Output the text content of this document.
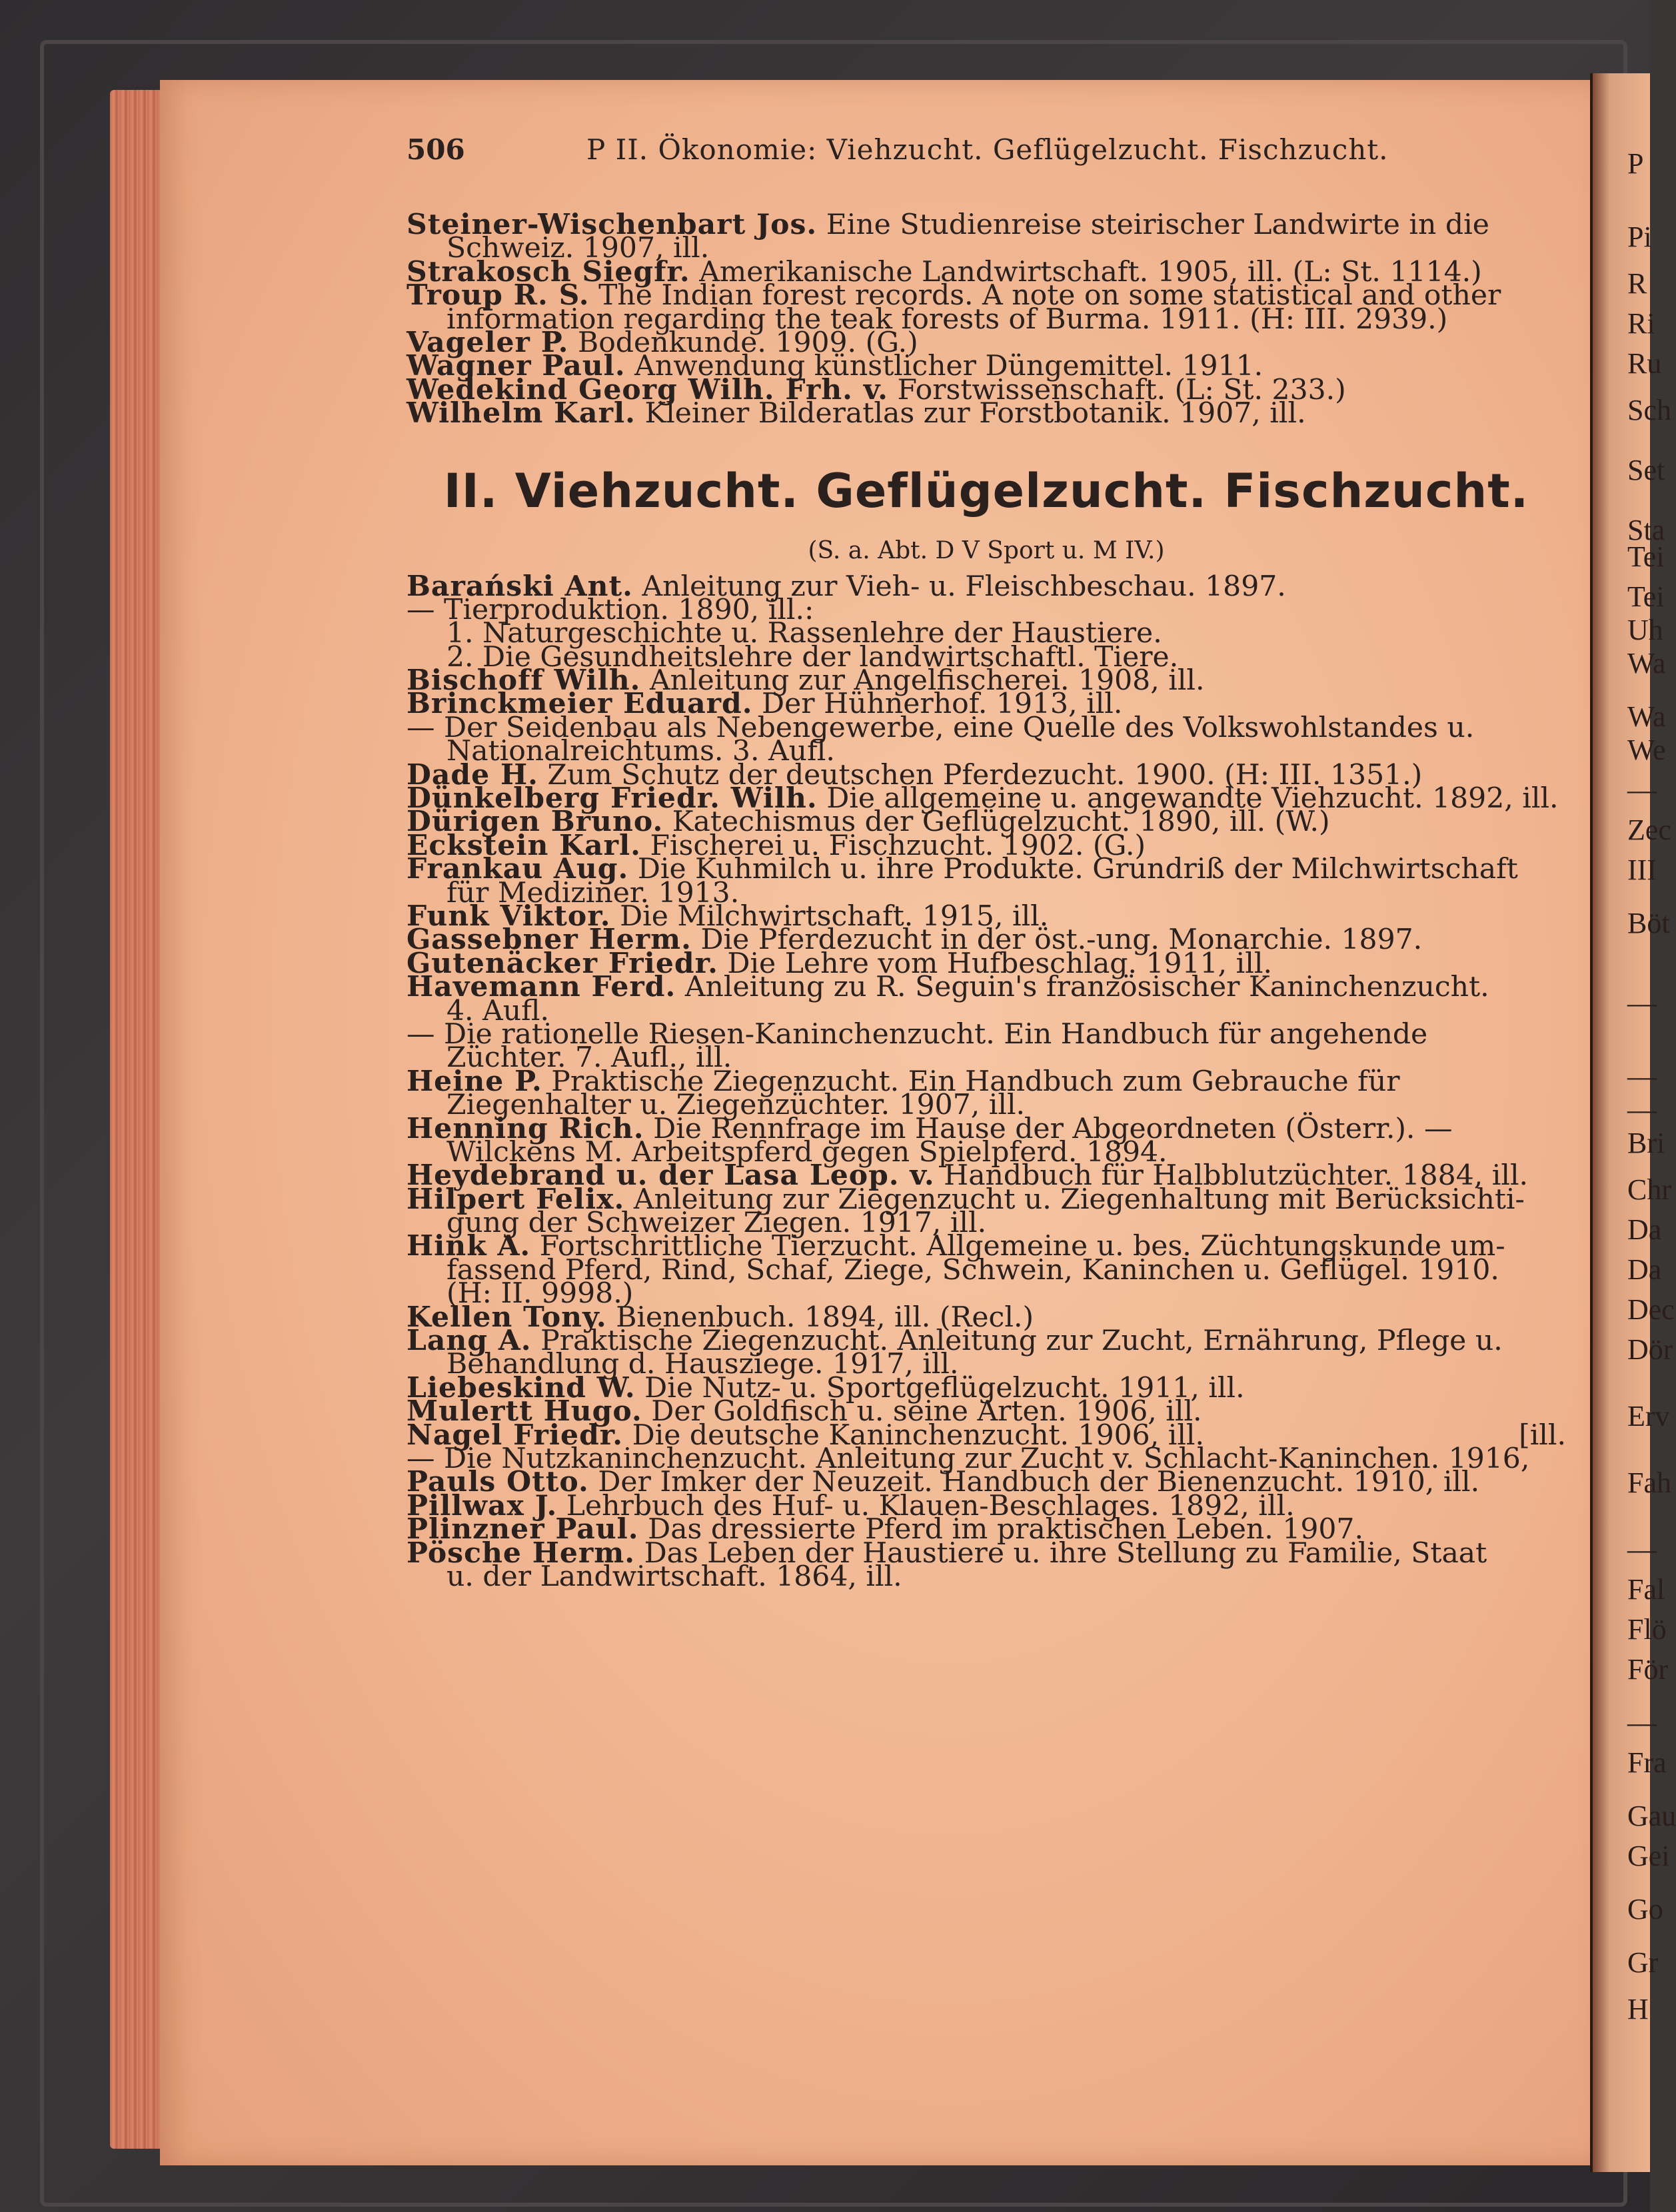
P
Pi
R
Ri
Ru
Sch
Set
Sta
Tei
Tei
Uh
Wa
Wa
We
—
Zec
III
Böt
—
—
—
Bri
Chr
Da
Da
Dec
Dör
Erv
Fah
—
Fal
Flö
För
—
Fra
Gau
Gei
Go
Gr
H
506	P II. Ökonomie: Viehzucht. Geflügelzucht. Fischzucht.
Steiner-Wischenbart Jos. Eine Studienreise steirischer Landwirte in die
Schweiz. 1907, ill.
Strakosch Siegfr. Amerikanische Landwirtschaft. 1905, ill. (L: St. 1114.)
Troup R. S. The Indian forest records. A note on some statistical and other
information regarding the teak forests of Burma. 1911. (H: III. 2939.)
Vageler P. Bodenkunde. 1909. (G.)
Wagner Paul. Anwendung künstlicher Düngemittel. 1911.
Wedekind Georg Wilh. Frh. v. Forstwissenschaft. (L: St. 233.)
Wilhelm Karl. Kleiner Bilderatlas zur Forstbotanik. 1907, ill.
II. Viehzucht. Geflügelzucht. Fischzucht.
(S. a. Abt. D V Sport u. M IV.)
Barański Ant. Anleitung zur Vieh- u. Fleischbeschau. 1897.
— Tierproduktion. 1890, ill.:
1. Naturgeschichte u. Rassenlehre der Haustiere.
2. Die Gesundheitslehre der landwirtschaftl. Tiere.
Bischoff Wilh. Anleitung zur Angelfischerei. 1908, ill.
Brinckmeier Eduard. Der Hühnerhof. 1913, ill.
— Der Seidenbau als Nebengewerbe, eine Quelle des Volkswohlstandes u.
Nationalreichtums. 3. Aufl.
Dade H. Zum Schutz der deutschen Pferdezucht. 1900. (H: III. 1351.)
Dünkelberg Friedr. Wilh. Die allgemeine u. angewandte Viehzucht. 1892, ill.
Dürigen Bruno. Katechismus der Geflügelzucht. 1890, ill. (W.)
Eckstein Karl. Fischerei u. Fischzucht. 1902. (G.)
Frankau Aug. Die Kuhmilch u. ihre Produkte. Grundriß der Milchwirtschaft
für Mediziner. 1913.
Funk Viktor. Die Milchwirtschaft. 1915, ill.
Gassebner Herm. Die Pferdezucht in der öst.-ung. Monarchie. 1897.
Gutenäcker Friedr. Die Lehre vom Hufbeschlag. 1911, ill.
Havemann Ferd. Anleitung zu R. Seguin's französischer Kaninchenzucht.
4. Aufl.
— Die rationelle Riesen-Kaninchenzucht. Ein Handbuch für angehende
Züchter. 7. Aufl., ill.
Heine P. Praktische Ziegenzucht. Ein Handbuch zum Gebrauche für
Ziegenhalter u. Ziegenzüchter. 1907, ill.
Henning Rich. Die Rennfrage im Hause der Abgeordneten (Österr.). —
Wilckens M. Arbeitspferd gegen Spielpferd. 1894.
Heydebrand u. der Lasa Leop. v. Handbuch für Halbblutzüchter. 1884, ill.
Hilpert Felix. Anleitung zur Ziegenzucht u. Ziegenhaltung mit Berücksichti-
gung der Schweizer Ziegen. 1917, ill.
Hink A. Fortschrittliche Tierzucht. Allgemeine u. bes. Züchtungskunde um-
fassend Pferd, Rind, Schaf, Ziege, Schwein, Kaninchen u. Geflügel. 1910.
(H: II. 9998.)
Kellen Tony. Bienenbuch. 1894, ill. (Recl.)
Lang A. Praktische Ziegenzucht. Anleitung zur Zucht, Ernährung, Pflege u.
Behandlung d. Hausziege. 1917, ill.
Liebeskind W. Die Nutz- u. Sportgeflügelzucht. 1911, ill.
Mulertt Hugo. Der Goldfisch u. seine Arten. 1906, ill.
Nagel Friedr. Die deutsche Kaninchenzucht. 1906, ill.	[ill.
— Die Nutzkaninchenzucht. Anleitung zur Zucht v. Schlacht-Kaninchen. 1916,
Pauls Otto. Der Imker der Neuzeit. Handbuch der Bienenzucht. 1910, ill.
Pillwax J. Lehrbuch des Huf- u. Klauen-Beschlages. 1892, ill.
Plinzner Paul. Das dressierte Pferd im praktischen Leben. 1907.
Pösche Herm. Das Leben der Haustiere u. ihre Stellung zu Familie, Staat
u. der Landwirtschaft. 1864, ill.
